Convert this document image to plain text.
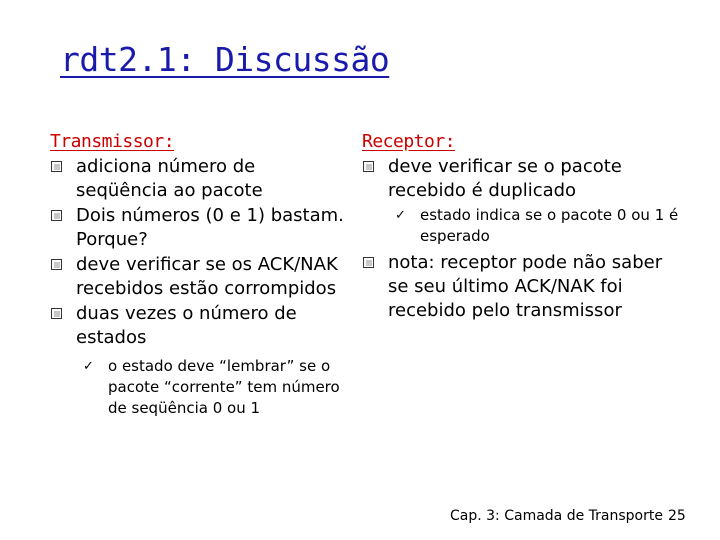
rdt2.1: Discussão
Transmissor:
adiciona número de seqüência ao pacote
Dois números (0 e 1) bastam. Porque?
deve verificar se os ACK/NAK recebidos estão corrompidos
duas vezes o número de estados
✓ o estado deve “lembrar” se o pacote “corrente” tem número de seqüência 0 ou 1
Receptor:
deve verificar se o pacote recebido é duplicado
✓ estado indica se o pacote 0 ou 1 é esperado
nota: receptor pode não saber se seu último ACK/NAK foi recebido pelo transmissor
Cap. 3: Camada de Transporte 25
